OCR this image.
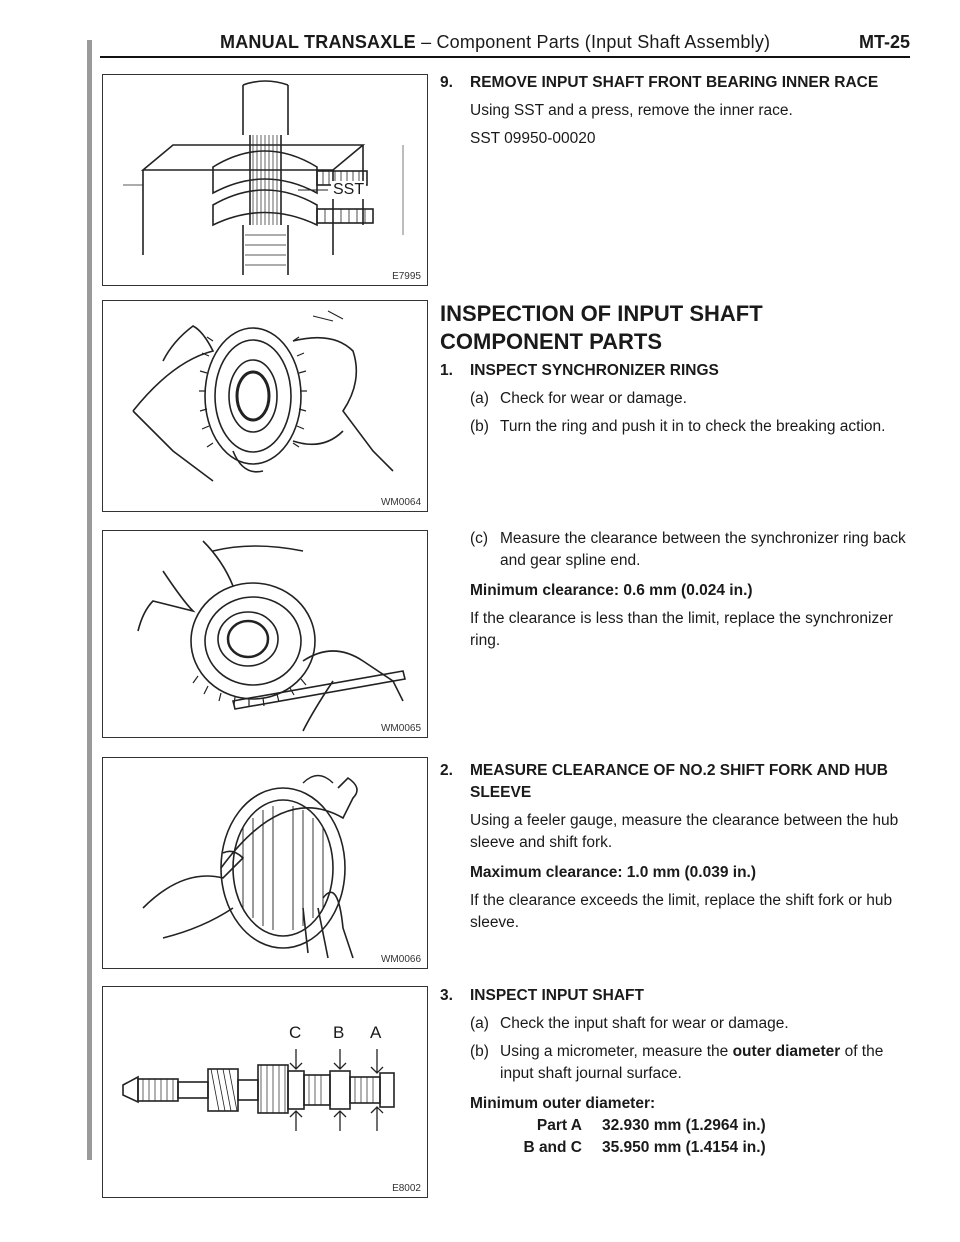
MANUAL TRANSAXLE – Component Parts (Input Shaft Assembly)	MT-25
SST
E7995
WM0064
WM0065
WM0066
C B A
E8002
9. REMOVE INPUT SHAFT FRONT BEARING INNER RACE
Using SST and a press, remove the inner race.
SST 09950-00020
INSPECTION OF INPUT SHAFT COMPONENT PARTS
1. INSPECT SYNCHRONIZER RINGS
(a) Check for wear or damage.
(b) Turn the ring and push it in to check the breaking action.
(c) Measure the clearance between the synchronizer ring back and gear spline end.
Minimum clearance: 0.6 mm (0.024 in.)
If the clearance is less than the limit, replace the synchronizer ring.
2. MEASURE CLEARANCE OF NO.2 SHIFT FORK AND HUB SLEEVE
Using a feeler gauge, measure the clearance between the hub sleeve and shift fork.
Maximum clearance: 1.0 mm (0.039 in.)
If the clearance exceeds the limit, replace the shift fork or hub sleeve.
3. INSPECT INPUT SHAFT
(a) Check the input shaft for wear or damage.
(b) Using a micrometer, measure the outer diameter of the input shaft journal surface.
Minimum outer diameter:
Part A 32.930 mm (1.2964 in.)
B and C 35.950 mm (1.4154 in.)
